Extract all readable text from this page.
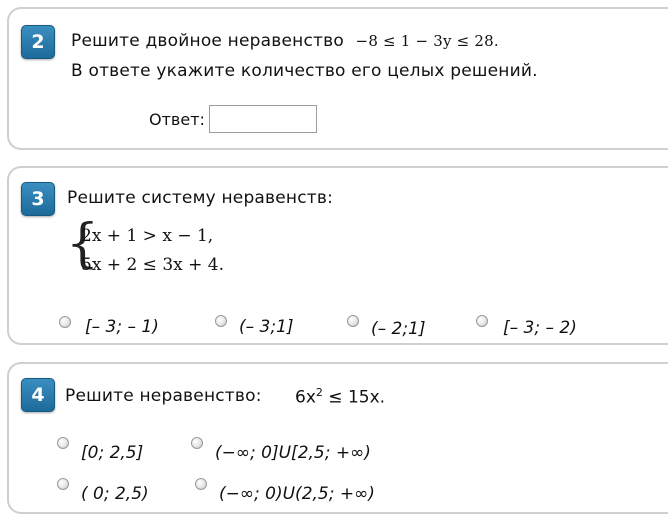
2	Решите двойное неравенство −8 ≤ 1 − 3y ≤ 28.
В ответе укажите количество его целых решений.
Ответ:
3	Решите систему неравенств:
{
2x + 1 > x − 1,
5x + 2 ≤ 3x + 4.
[– 3; – 1)	(– 3;1]	(– 2;1]	[– 3; – 2)
4	Решите неравенство: $6x^2 \le 15x$.
[0; 2,5]	(−∞; 0]U[2,5; +∞)
( 0; 2,5)	(−∞; 0)U(2,5; +∞)
